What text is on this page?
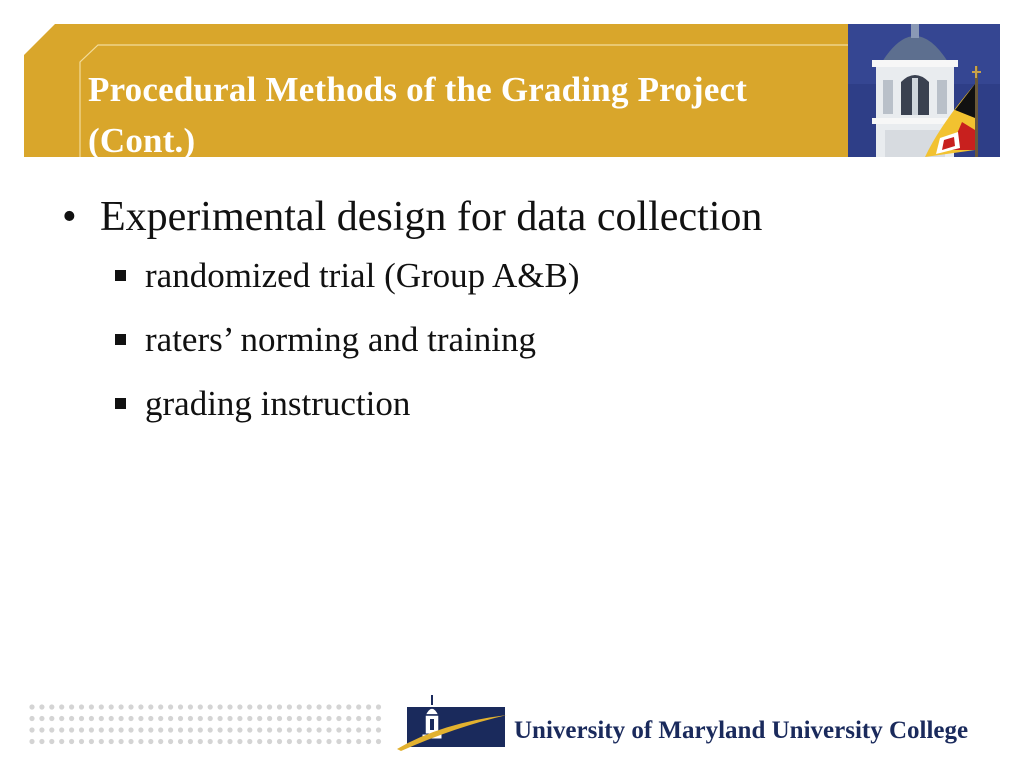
Procedural Methods of the Grading Project (Cont.)
• Experimental design for data collection
randomized trial (Group A&B)
raters’ norming and training
grading instruction
University of Maryland University College
